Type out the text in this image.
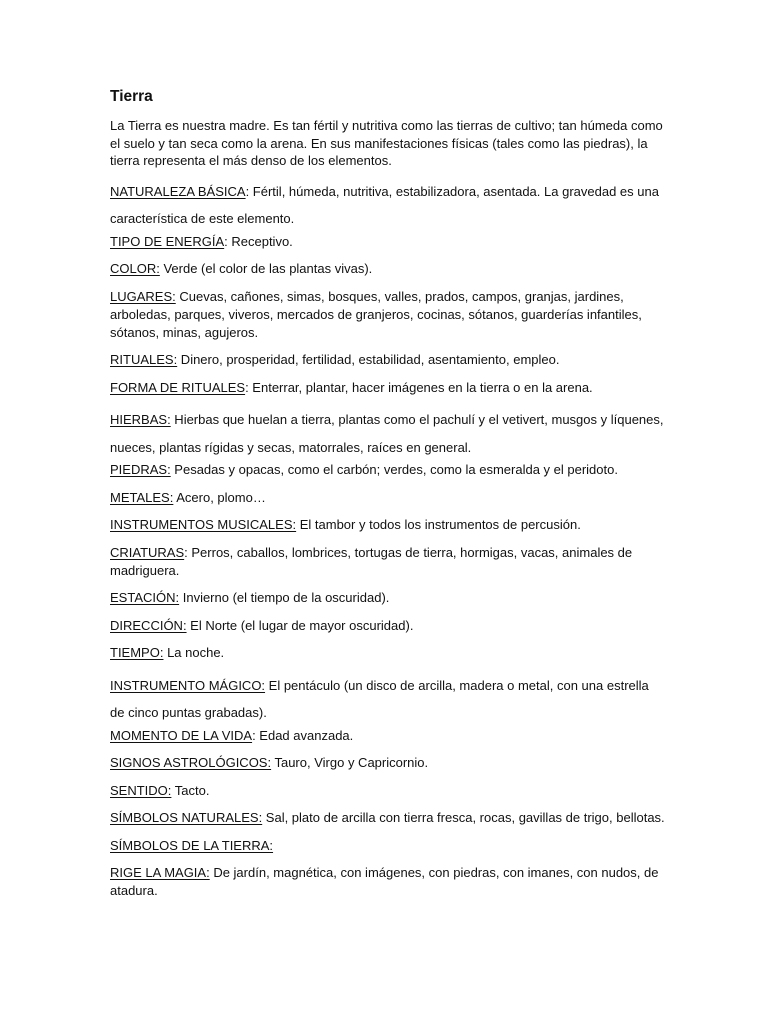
Tierra

La Tierra es nuestra madre. Es tan fértil y nutritiva como las tierras de cultivo; tan húmeda como el suelo y tan seca como la arena. En sus manifestaciones físicas (tales como las piedras), la tierra representa el más denso de los elementos.

NATURALEZA BÁSICA: Fértil, húmeda, nutritiva, estabilizadora, asentada. La gravedad es una característica de este elemento.

TIPO DE ENERGÍA: Receptivo.

COLOR: Verde (el color de las plantas vivas).

LUGARES: Cuevas, cañones, simas, bosques, valles, prados, campos, granjas, jardines, arboledas, parques, viveros, mercados de granjeros, cocinas, sótanos, guarderías infantiles, sótanos, minas, agujeros.

RITUALES: Dinero, prosperidad, fertilidad, estabilidad, asentamiento, empleo.

FORMA DE RITUALES: Enterrar, plantar, hacer imágenes en la tierra o en la arena.

HIERBAS: Hierbas que huelan a tierra, plantas como el pachulí y el vetivert, musgos y líquenes, nueces, plantas rígidas y secas, matorrales, raíces en general.

PIEDRAS: Pesadas y opacas, como el carbón; verdes, como la esmeralda y el peridoto.

METALES: Acero, plomo…

INSTRUMENTOS MUSICALES: El tambor y todos los instrumentos de percusión.

CRIATURAS: Perros, caballos, lombrices, tortugas de tierra, hormigas, vacas, animales de madriguera.

ESTACIÓN: Invierno (el tiempo de la oscuridad).

DIRECCIÓN: El Norte (el lugar de mayor oscuridad).

TIEMPO: La noche.

INSTRUMENTO MÁGICO: El pentáculo (un disco de arcilla, madera o metal, con una estrella de cinco puntas grabadas).

MOMENTO DE LA VIDA: Edad avanzada.

SIGNOS ASTROLÓGICOS: Tauro, Virgo y Capricornio.

SENTIDO: Tacto.

SÍMBOLOS NATURALES: Sal, plato de arcilla con tierra fresca, rocas, gavillas de trigo, bellotas.

SÍMBOLOS DE LA TIERRA:

RIGE LA MAGIA: De jardín, magnética, con imágenes, con piedras, con imanes, con nudos, de atadura.
